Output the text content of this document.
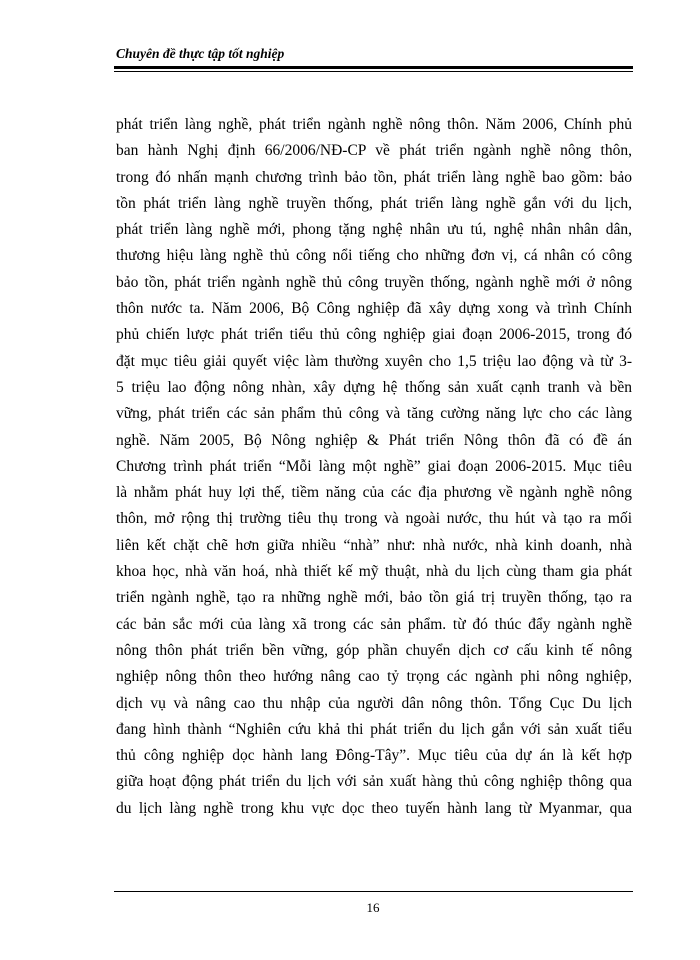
Chuyên đề thực tập tốt nghiệp
phát triển làng nghề, phát triển ngành nghề nông thôn. Năm 2006, Chính phủ
ban hành Nghị định 66/2006/NĐ-CP về phát triển ngành nghề nông thôn,
trong đó nhấn mạnh chương trình bảo tồn, phát triển làng nghề bao gồm: bảo
tồn phát triển làng nghề truyền thống, phát triển làng nghề gắn với du lịch,
phát triển làng nghề mới, phong tặng nghệ nhân ưu tú, nghệ nhân nhân dân,
thương hiệu làng nghề thủ công nổi tiếng cho những đơn vị, cá nhân có công
bảo tồn, phát triển ngành nghề thủ công truyền thống, ngành nghề mới ở nông
thôn nước ta. Năm 2006, Bộ Công nghiệp đã xây dựng xong và trình Chính
phủ chiến lược phát triển tiểu thủ công nghiệp giai đoạn 2006-2015, trong đó
đặt mục tiêu giải quyết việc làm thường xuyên cho 1,5 triệu lao động và từ 3-
5 triệu lao động nông nhàn, xây dựng hệ thống sản xuất cạnh tranh và bền
vững, phát triển các sản phẩm thủ công và tăng cường năng lực cho các làng
nghề. Năm 2005, Bộ Nông nghiệp & Phát triển Nông thôn đã có đề án
Chương trình phát triển “Mỗi làng một nghề” giai đoạn 2006-2015. Mục tiêu
là nhằm phát huy lợi thế, tiềm năng của các địa phương về ngành nghề nông
thôn, mở rộng thị trường tiêu thụ trong và ngoài nước, thu hút và tạo ra mối
liên kết chặt chẽ hơn giữa nhiều “nhà” như: nhà nước, nhà kinh doanh, nhà
khoa học, nhà văn hoá, nhà thiết kế mỹ thuật, nhà du lịch cùng tham gia phát
triển ngành nghề, tạo ra những nghề mới, bảo tồn giá trị truyền thống, tạo ra
các bản sắc mới của làng xã trong các sản phẩm. từ đó thúc đẩy ngành nghề
nông thôn phát triển bền vững, góp phần chuyển dịch cơ cấu kinh tế nông
nghiệp nông thôn theo hướng nâng cao tỷ trọng các ngành phi nông nghiệp,
dịch vụ và nâng cao thu nhập của người dân nông thôn. Tổng Cục Du lịch
đang hình thành “Nghiên cứu khả thi phát triển du lịch gắn với sản xuất tiểu
thủ công nghiệp dọc hành lang Đông-Tây”. Mục tiêu của dự án là kết hợp
giữa hoạt động phát triển du lịch với sản xuất hàng thủ công nghiệp thông qua
du lịch làng nghề trong khu vực dọc theo tuyến hành lang từ Myanmar, qua
16
